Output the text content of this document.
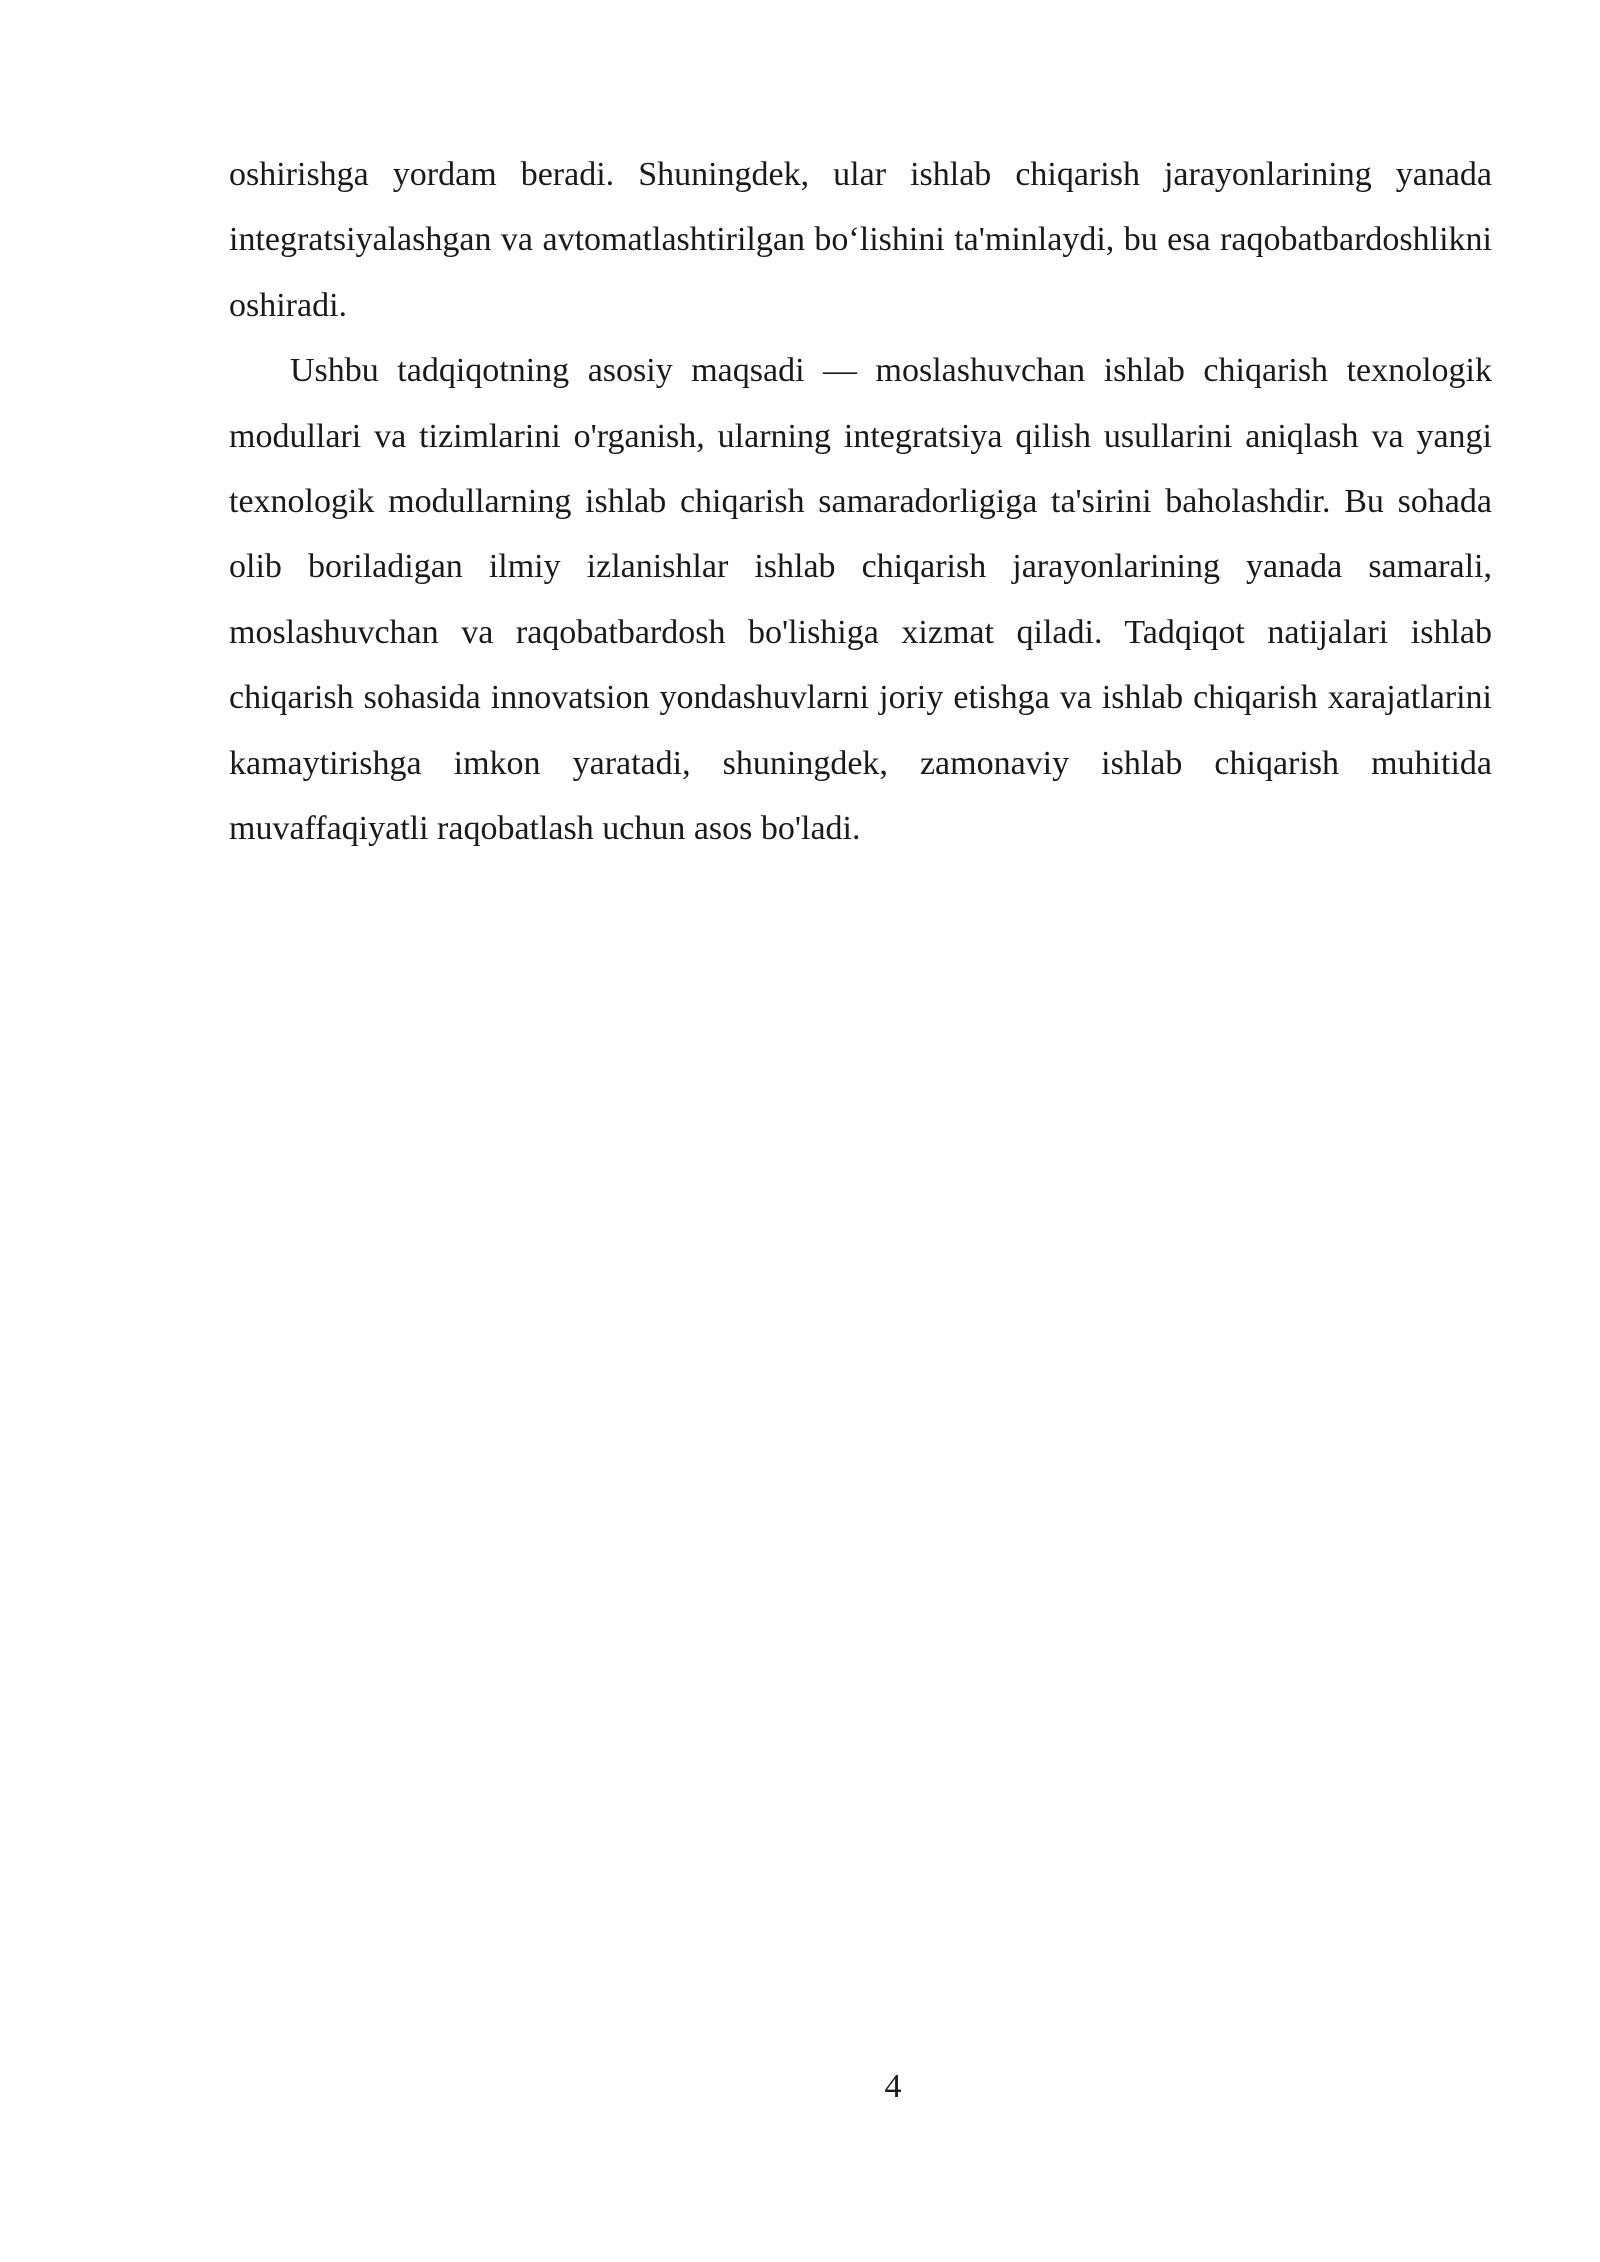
oshirishga yordam beradi. Shuningdek, ular ishlab chiqarish jarayonlarining yanada integratsiyalashgan va avtomatlashtirilgan bo‘lishini ta'minlaydi, bu esa raqobatbardoshlikni oshiradi.

Ushbu tadqiqotning asosiy maqsadi — moslashuvchan ishlab chiqarish texnologik modullari va tizimlarini o'rganish, ularning integratsiya qilish usullarini aniqlash va yangi texnologik modullarning ishlab chiqarish samaradorligiga ta'sirini baholashdir. Bu sohada olib boriladigan ilmiy izlanishlar ishlab chiqarish jarayonlarining yanada samarali, moslashuvchan va raqobatbardosh bo'lishiga xizmat qiladi. Tadqiqot natijalari ishlab chiqarish sohasida innovatsion yondashuvlarni joriy etishga va ishlab chiqarish xarajatlarini kamaytirishga imkon yaratadi, shuningdek, zamonaviy ishlab chiqarish muhitida muvaffaqiyatli raqobatlash uchun asos bo'ladi.

4
